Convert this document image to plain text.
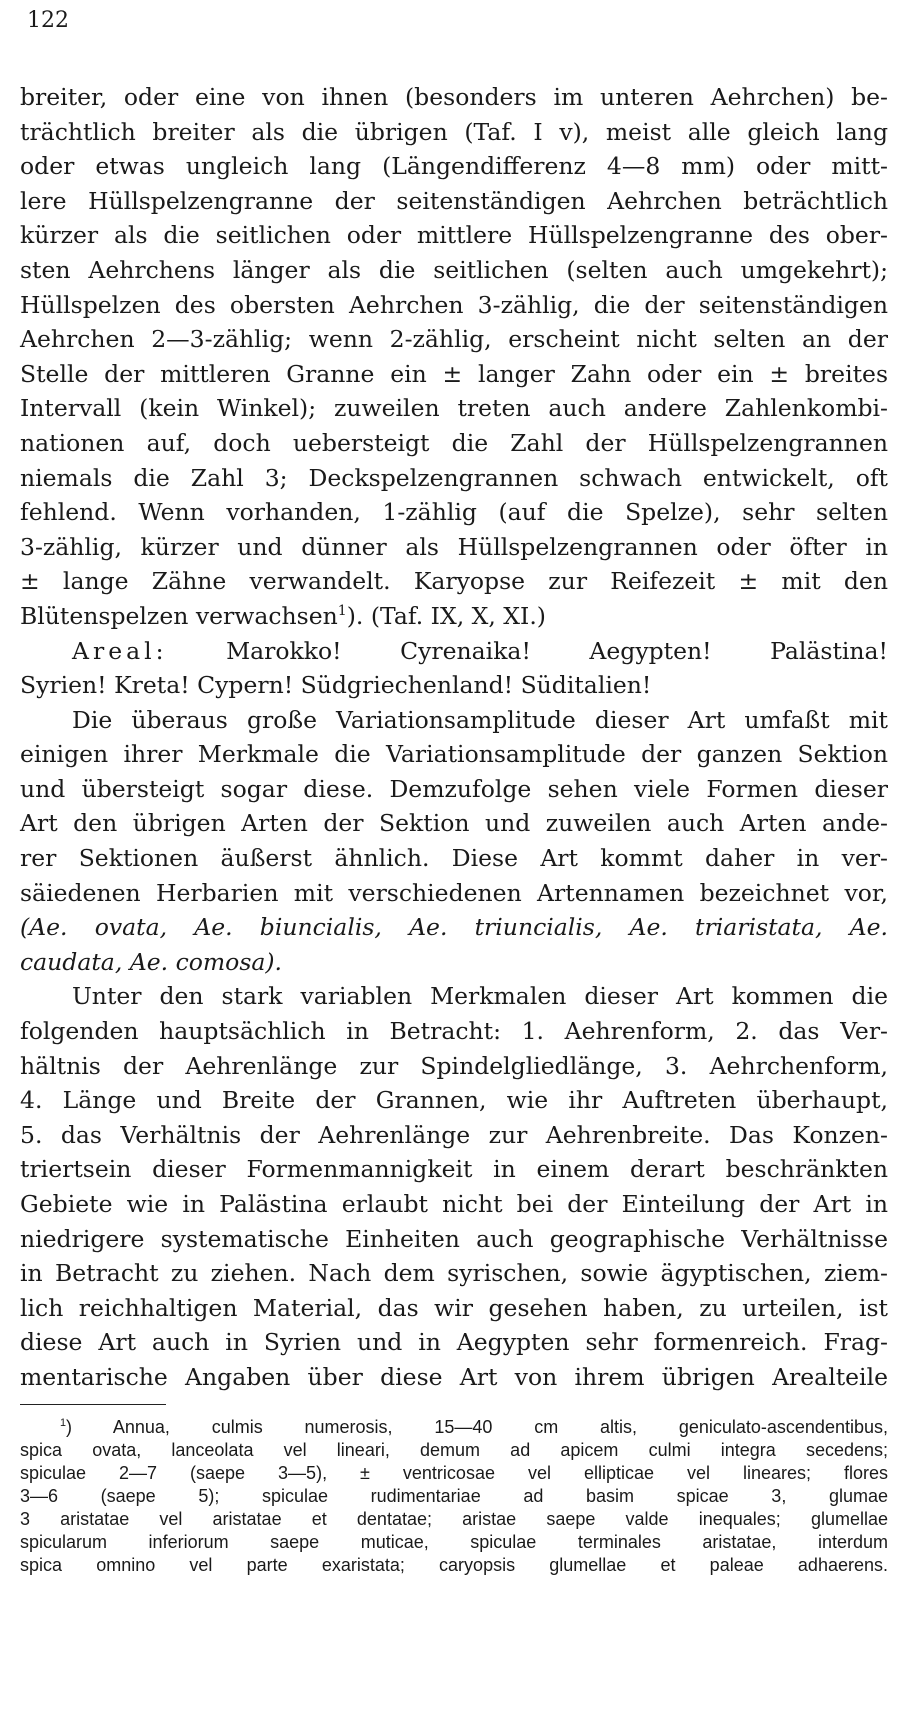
122

breiter, oder eine von ihnen (besonders im unteren Aehrchen) be-

trächtlich breiter als die übrigen (Taf. I v), meist alle gleich lang

oder etwas ungleich lang (Längendifferenz 4—8 mm) oder mitt-

lere Hüllspelzengranne der seitenständigen Aehrchen beträchtlich

kürzer als die seitlichen oder mittlere Hüllspelzengranne des ober-

sten Aehrchens länger als die seitlichen (selten auch umgekehrt);

Hüllspelzen des obersten Aehrchen 3-zählig, die der seitenständigen

Aehrchen 2—3-zählig; wenn 2-zählig, erscheint nicht selten an der

Stelle der mittleren Granne ein ± langer Zahn oder ein ± breites

Intervall (kein Winkel); zuweilen treten auch andere Zahlenkombi-

nationen auf, doch uebersteigt die Zahl der Hüllspelzengrannen

niemals die Zahl 3; Deckspelzengrannen schwach entwickelt, oft

fehlend. Wenn vorhanden, 1-zählig (auf die Spelze), sehr selten

3-zählig, kürzer und dünner als Hüllspelzengrannen oder öfter in

± lange Zähne verwandelt. Karyopse zur Reifezeit ± mit den

Blütenspelzen verwachsen$^1$). (Taf. IX, X, XI.)

Areal: Marokko! Cyrenaika! Aegypten! Palästina!

Syrien! Kreta! Cypern! Südgriechenland! Süditalien!

Die überaus große Variationsamplitude dieser Art umfaßt mit

einigen ihrer Merkmale die Variationsamplitude der ganzen Sektion

und übersteigt sogar diese. Demzufolge sehen viele Formen dieser

Art den übrigen Arten der Sektion und zuweilen auch Arten ande-

rer Sektionen äußerst ähnlich. Diese Art kommt daher in ver-

säiedenen Herbarien mit verschiedenen Artennamen bezeichnet vor,

(Ae. ovata, Ae. biuncialis, Ae. triuncialis, Ae. triaristata, Ae.

caudata, Ae. comosa).

Unter den stark variablen Merkmalen dieser Art kommen die

folgenden hauptsächlich in Betracht: 1. Aehrenform, 2. das Ver-

hältnis der Aehrenlänge zur Spindelgliedlänge, 3. Aehrchenform,

4. Länge und Breite der Grannen, wie ihr Auftreten überhaupt,

5. das Verhältnis der Aehrenlänge zur Aehrenbreite. Das Konzen-

triertsein dieser Formenmannigkeit in einem derart beschränkten

Gebiete wie in Palästina erlaubt nicht bei der Einteilung der Art in

niedrigere systematische Einheiten auch geographische Verhältnisse

in Betracht zu ziehen. Nach dem syrischen, sowie ägyptischen, ziem-

lich reichhaltigen Material, das wir gesehen haben, zu urteilen, ist

diese Art auch in Syrien und in Aegypten sehr formenreich. Frag-

mentarische Angaben über diese Art von ihrem übrigen Arealteile

$^1$) Annua, culmis numerosis, 15—40 cm altis, geniculato-ascendentibus,

spica ovata, lanceolata vel lineari, demum ad apicem culmi integra secedens;

spiculae 2—7 (saepe 3—5), ± ventricosae vel ellipticae vel lineares; flores

3—6 (saepe 5); spiculae rudimentariae ad basim spicae 3, glumae

3 aristatae vel aristatae et dentatae; aristae saepe valde inequales; glumellae

spicularum inferiorum saepe muticae, spiculae terminales aristatae, interdum

spica omnino vel parte exaristata; caryopsis glumellae et paleae adhaerens.
